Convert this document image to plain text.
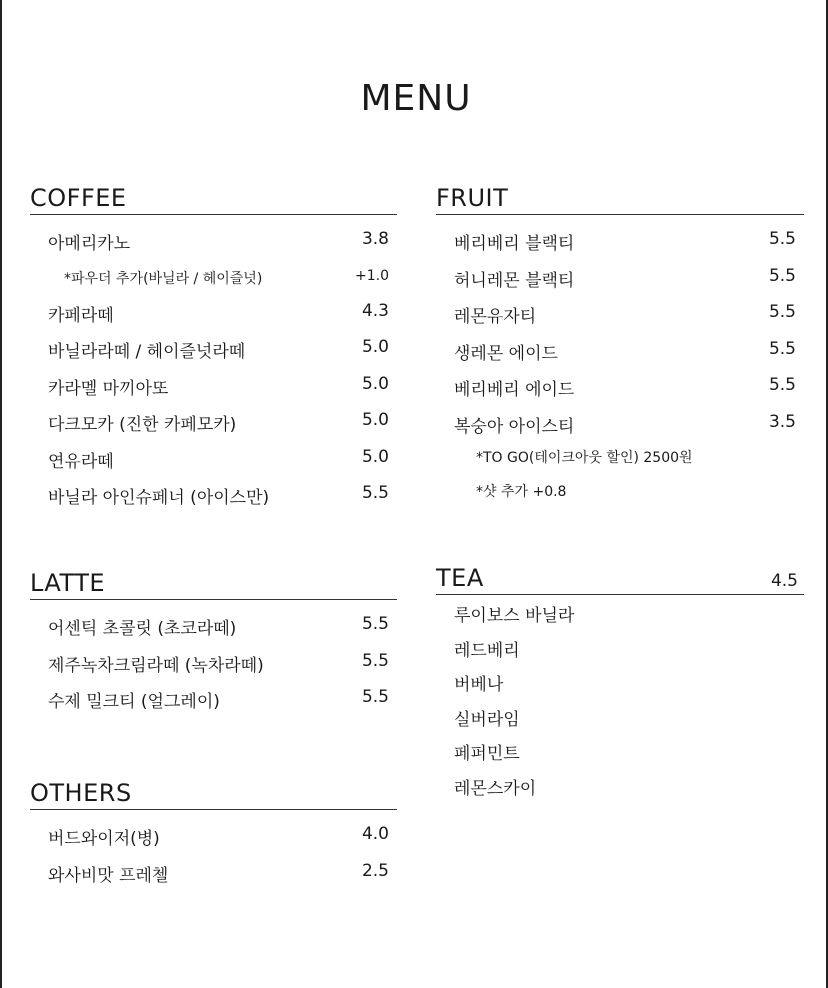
MENU
COFFEE
아메리카노	3.8
*파우더 추가(바닐라 / 헤이즐넛)	+1.0
카페라떼	4.3
바닐라라떼 / 헤이즐넛라떼	5.0
카라멜 마끼아또	5.0
다크모카 (진한 카페모카)	5.0
연유라떼	5.0
바닐라 아인슈페너 (아이스만)	5.5
LATTE
어센틱 초콜릿 (초코라떼)	5.5
제주녹차크림라떼 (녹차라떼)	5.5
수제 밀크티 (얼그레이)	5.5
OTHERS
버드와이저(병)	4.0
와사비맛 프레첼	2.5
FRUIT
베리베리 블랙티	5.5
허니레몬 블랙티	5.5
레몬유자티	5.5
생레몬 에이드	5.5
베리베리 에이드	5.5
복숭아 아이스티	3.5
*TO GO(테이크아웃 할인) 2500원
*샷 추가 +0.8
TEA	4.5
루이보스 바닐라
레드베리
버베나
실버라임
페퍼민트
레몬스카이
